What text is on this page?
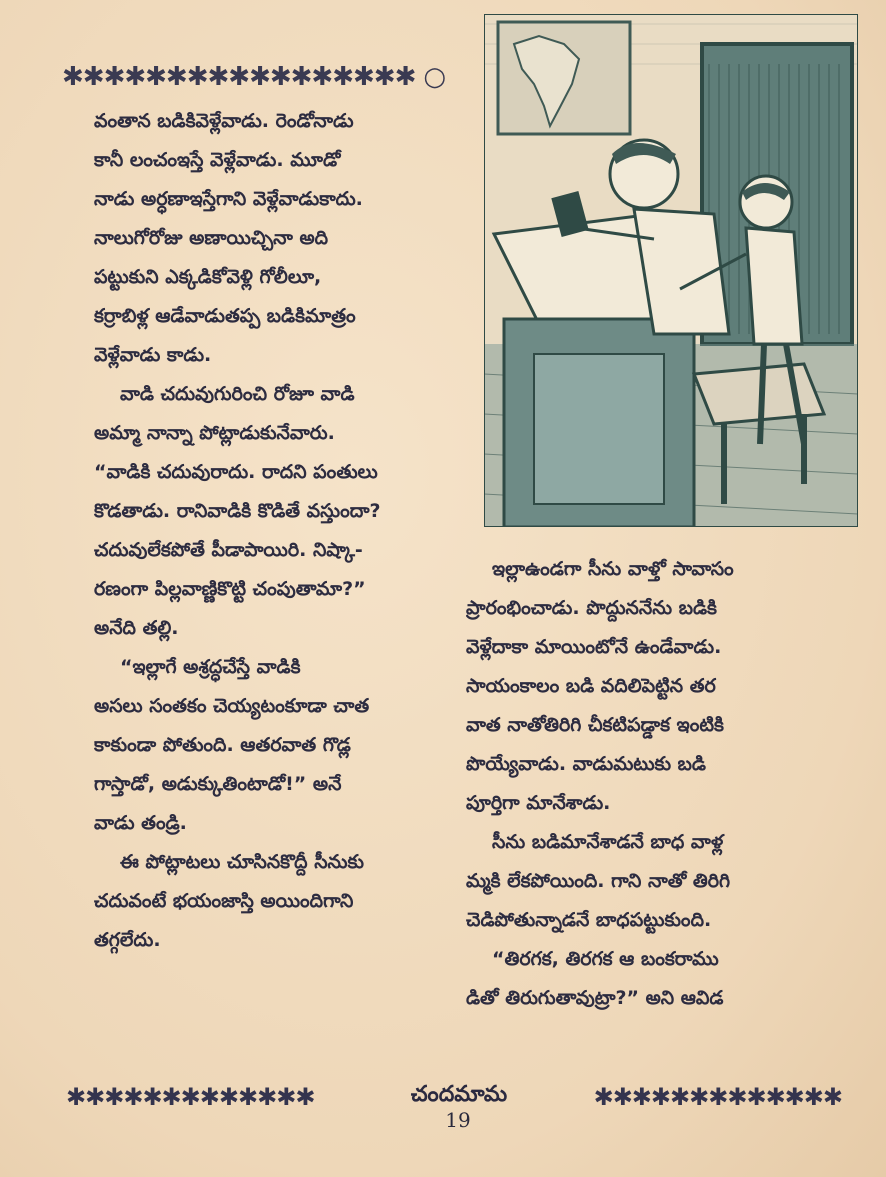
✱✱✱✱✱✱✱✱✱✱✱✱✱✱✱✱✱ ○
వంతాన బడికివెళ్లేవాడు. రెండోనాడు
కానీ లంచంఇస్తే వెళ్లేవాడు. మూడో
నాడు అర్ధణాఇస్తేగాని వెళ్లేవాడుకాదు.
నాలుగోరోజు అణాయిచ్చినా అది
పట్టుకుని ఎక్కడికోవెళ్లి గోలీలూ,
కర్రాబిళ్ల ఆడేవాడుతప్ప బడికిమాత్రం
వెళ్లేవాడు కాడు.
వాడి చదువుగురించి రోజూ వాడి
అమ్మా నాన్నా పోట్లాడుకునేవారు.
“వాడికి చదువురాదు. రాదని పంతులు
కొడతాడు. రానివాడికి కొడితే వస్తుందా?
చదువులేకపోతే పీడాపాయిరి. నిష్కా-
రణంగా పిల్లవాణ్ణికొట్టి చంపుతామా?”
అనేది తల్లి.
“ఇల్లాగే అశ్రద్ధచేస్తే వాడికి
అసలు సంతకం చెయ్యటంకూడా చాత
కాకుండా పోతుంది. ఆతరవాత గొడ్ల
గాస్తాడో, అడుక్కుతింటాడో!” అనే
వాడు తండ్రి.
ఈ పోట్లాటలు చూసినకొద్దీ సీనుకు
చదువంటే భయంజాస్తి అయిందిగాని
తగ్గలేదు.
ఇల్లాఉండగా సీను వాళ్తో సావాసం
ప్రారంభించాడు. పొద్దుననేను బడికి
వెళ్లేదాకా మాయింటోనే ఉండేవాడు.
సాయంకాలం బడి వదిలిపెట్టిన తర
వాత నాతోతిరిగి చీకటిపడ్డాక ఇంటికి
పొయ్యేవాడు. వాడుమటుకు బడి
పూర్తిగా మానేశాడు.
సీను బడిమానేశాడనే బాధ వాళ్ల
మ్మకి లేకపోయింది. గాని నాతో తిరిగి
చెడిపోతున్నాడనే బాధపట్టుకుంది.
“తిరగక, తిరగక ఆ బంకరాము
డితో తిరుగుతావుట్రా?” అని ఆవిడ
✱✱✱✱✱✱✱✱✱✱✱✱✱	చందమామ	✱✱✱✱✱✱✱✱✱✱✱✱✱
19
